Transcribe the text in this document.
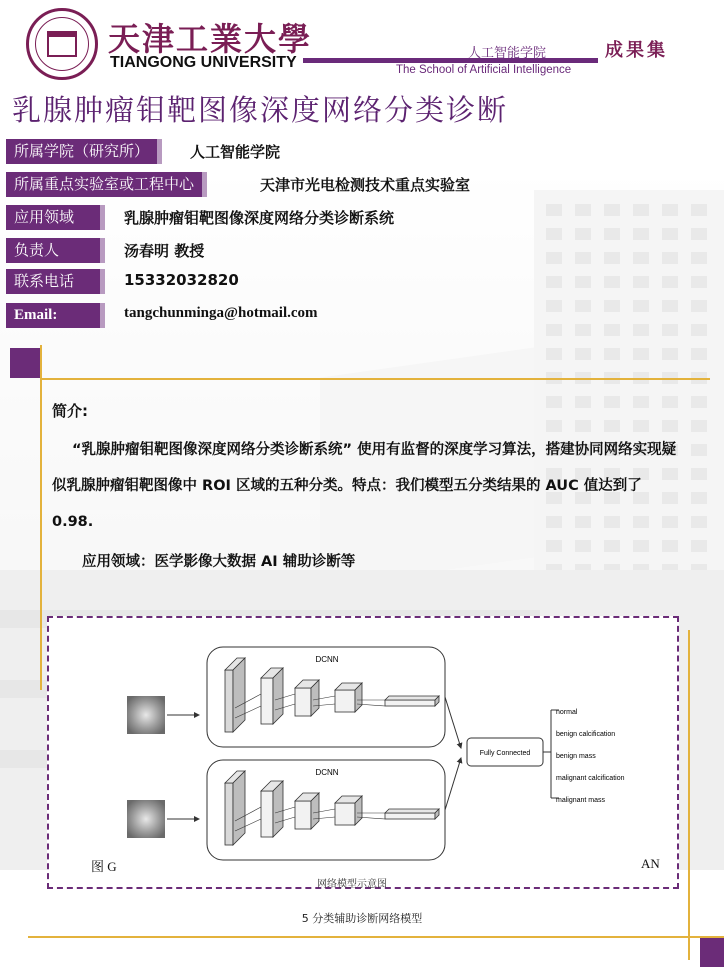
天津工業大學
TIANGONG UNIVERSITY
人工智能学院
The School of Artificial Intelligence
成果集
乳腺肿瘤钼靶图像深度网络分类诊断
所属学院（研究所）	人工智能学院
所属重点实验室或工程中心	天津市光电检测技术重点实验室
应用领域	乳腺肿瘤钼靶图像深度网络分类诊断系统
负责人	汤春明 教授
联系电话	15332032820
Email:	tangchunminga@hotmail.com
简介:
“乳腺肿瘤钼靶图像深度网络分类诊断系统” 使用有监督的深度学习算法，搭建协同网络实现疑似乳腺肿瘤钼靶图像中 ROI 区域的五种分类。特点：我们模型五分类结果的 AUC 值达到了 0.98.
应用领域：医学影像大数据 AI 辅助诊断等
DCNN
DCNN
Fully Connected
normal
benign calcification
benign mass
malignant calcification
malignant mass
图 G	AN
网络模型示意图
5 分类辅助诊断网络模型
